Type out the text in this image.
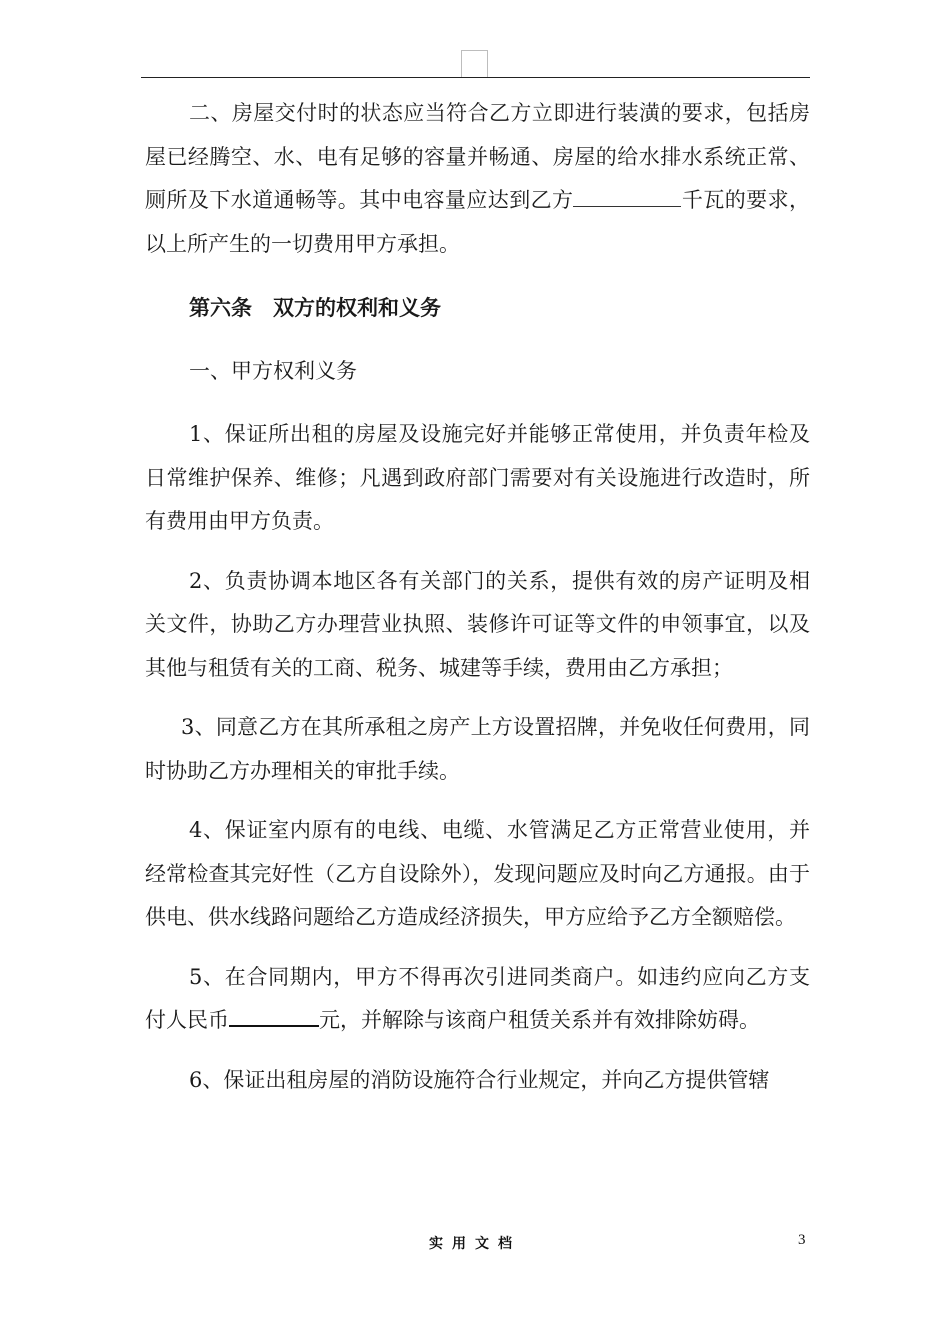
二、房屋交付时的状态应当符合乙方立即进行装潢的要求，包括房屋已经腾空、水、电有足够的容量并畅通、房屋的给水排水系统正常、厕所及下水道通畅等。其中电容量应达到乙方	千瓦的要求，以上所产生的一切费用甲方承担。

第六条　双方的权利和义务

一、甲方权利义务

1、保证所出租的房屋及设施完好并能够正常使用，并负责年检及日常维护保养、维修；凡遇到政府部门需要对有关设施进行改造时，所有费用由甲方负责。

2、负责协调本地区各有关部门的关系，提供有效的房产证明及相关文件，协助乙方办理营业执照、装修许可证等文件的申领事宜，以及其他与租赁有关的工商、税务、城建等手续，费用由乙方承担；

3、同意乙方在其所承租之房产上方设置招牌，并免收任何费用，同时协助乙方办理相关的审批手续。

4、保证室内原有的电线、电缆、水管满足乙方正常营业使用，并经常检查其完好性（乙方自设除外），发现问题应及时向乙方通报。由于供电、供水线路问题给乙方造成经济损失，甲方应给予乙方全额赔偿。

5、在合同期内，甲方不得再次引进同类商户。如违约应向乙方支付人民币	元，并解除与该商户租赁关系并有效排除妨碍。

6、保证出租房屋的消防设施符合行业规定，并向乙方提供管辖

实用文档	3
